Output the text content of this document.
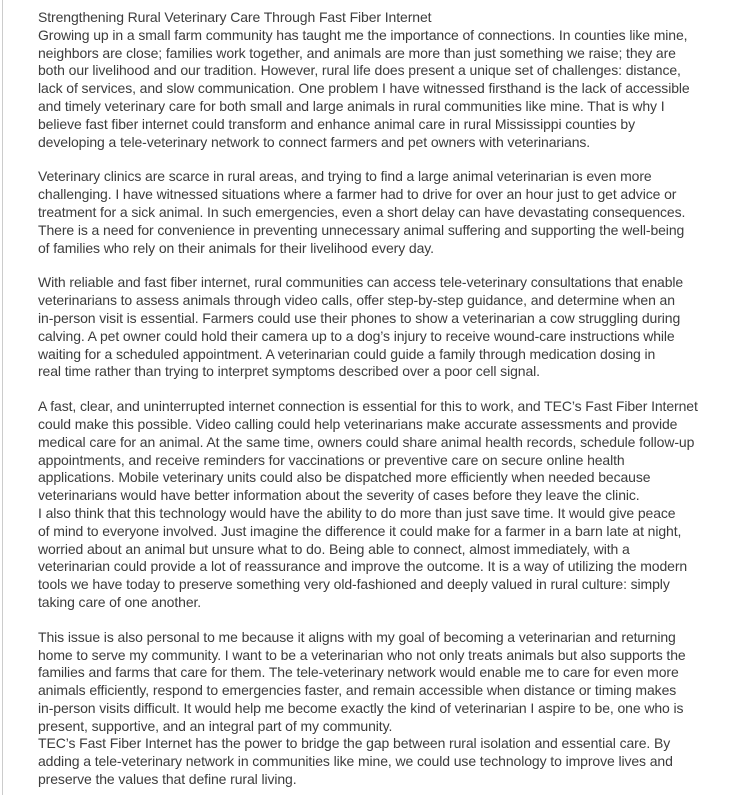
Strengthening Rural Veterinary Care Through Fast Fiber Internet
Growing up in a small farm community has taught me the importance of connections. In counties like mine,
neighbors are close; families work together, and animals are more than just something we raise; they are
both our livelihood and our tradition. However, rural life does present a unique set of challenges: distance,
lack of services, and slow communication. One problem I have witnessed firsthand is the lack of accessible
and timely veterinary care for both small and large animals in rural communities like mine. That is why I
believe fast fiber internet could transform and enhance animal care in rural Mississippi counties by
developing a tele-veterinary network to connect farmers and pet owners with veterinarians.
Veterinary clinics are scarce in rural areas, and trying to find a large animal veterinarian is even more
challenging. I have witnessed situations where a farmer had to drive for over an hour just to get advice or
treatment for a sick animal. In such emergencies, even a short delay can have devastating consequences.
There is a need for convenience in preventing unnecessary animal suffering and supporting the well-being
of families who rely on their animals for their livelihood every day.
With reliable and fast fiber internet, rural communities can access tele-veterinary consultations that enable
veterinarians to assess animals through video calls, offer step-by-step guidance, and determine when an
in-person visit is essential. Farmers could use their phones to show a veterinarian a cow struggling during
calving. A pet owner could hold their camera up to a dog’s injury to receive wound-care instructions while
waiting for a scheduled appointment. A veterinarian could guide a family through medication dosing in
real time rather than trying to interpret symptoms described over a poor cell signal.
A fast, clear, and uninterrupted internet connection is essential for this to work, and TEC’s Fast Fiber Internet
could make this possible. Video calling could help veterinarians make accurate assessments and provide
medical care for an animal. At the same time, owners could share animal health records, schedule follow-up
appointments, and receive reminders for vaccinations or preventive care on secure online health
applications. Mobile veterinary units could also be dispatched more efficiently when needed because
veterinarians would have better information about the severity of cases before they leave the clinic.
I also think that this technology would have the ability to do more than just save time. It would give peace
of mind to everyone involved. Just imagine the difference it could make for a farmer in a barn late at night,
worried about an animal but unsure what to do. Being able to connect, almost immediately, with a
veterinarian could provide a lot of reassurance and improve the outcome. It is a way of utilizing the modern
tools we have today to preserve something very old-fashioned and deeply valued in rural culture: simply
taking care of one another.
This issue is also personal to me because it aligns with my goal of becoming a veterinarian and returning
home to serve my community. I want to be a veterinarian who not only treats animals but also supports the
families and farms that care for them. The tele-veterinary network would enable me to care for even more
animals efficiently, respond to emergencies faster, and remain accessible when distance or timing makes
in-person visits difficult. It would help me become exactly the kind of veterinarian I aspire to be, one who is
present, supportive, and an integral part of my community.
TEC’s Fast Fiber Internet has the power to bridge the gap between rural isolation and essential care. By
adding a tele-veterinary network in communities like mine, we could use technology to improve lives and
preserve the values that define rural living.
